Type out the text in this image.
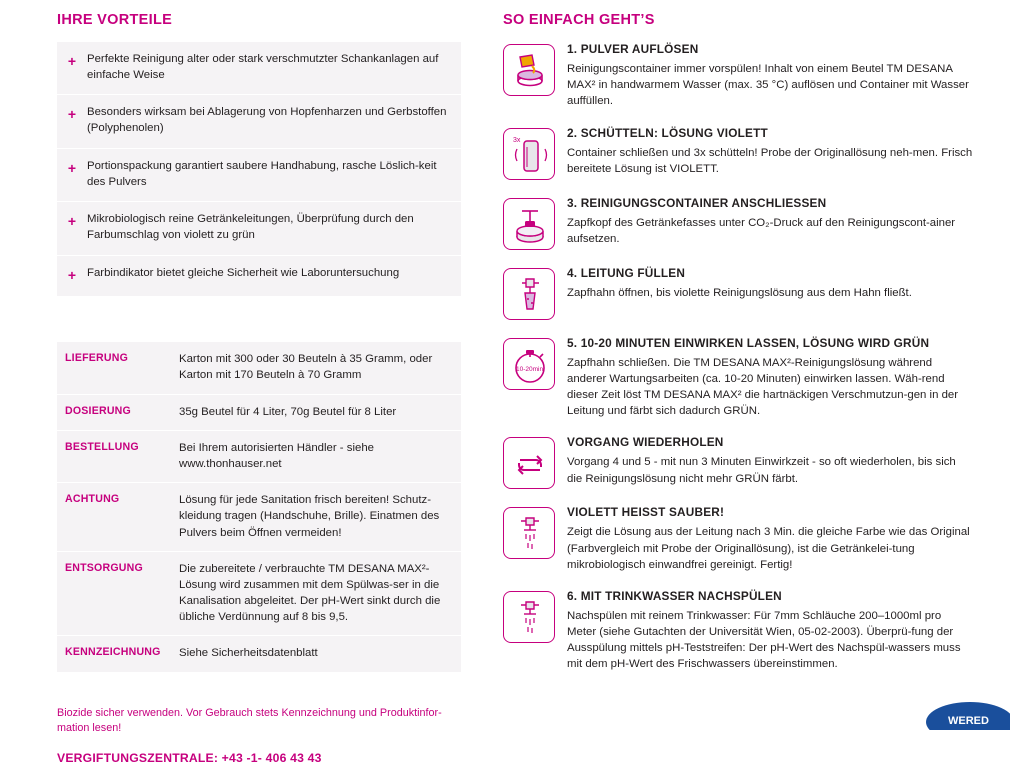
IHRE VORTEILE
+	Perfekte Reinigung alter oder stark verschmutzter Schankanlagen auf einfache Weise
+	Besonders wirksam bei Ablagerung von Hopfenharzen und Gerbstoffen (Polyphenolen)
+	Portionspackung garantiert saubere Handhabung, rasche Löslich-keit des Pulvers
+	Mikrobiologisch reine Getränkeleitungen, Überprüfung durch den Farbumschlag von violett zu grün
+	Farbindikator bietet gleiche Sicherheit wie Laboruntersuchung
LIEFERUNG	Karton mit 300 oder 30 Beuteln à 35 Gramm, oder Karton mit 170 Beuteln à 70 Gramm
DOSIERUNG	35g Beutel für 4 Liter, 70g Beutel für 8 Liter
BESTELLUNG	Bei Ihrem autorisierten Händler - siehe www.thonhauser.net
ACHTUNG	Lösung für jede Sanitation frisch bereiten! Schutz-kleidung tragen (Handschuhe, Brille). Einatmen des Pulvers beim Öffnen vermeiden!
ENTSORGUNG	Die zubereitete / verbrauchte TM DESANA MAX²-Lösung wird zusammen mit dem Spülwas-ser in die Kanalisation abgeleitet. Der pH-Wert sinkt durch die übliche Verdünnung auf 8 bis 9,5.
KENNZEICHNUNG	Siehe Sicherheitsdatenblatt
Biozide sicher verwenden. Vor Gebrauch stets Kennzeichnung und Produktinfor-mation lesen!
VERGIFTUNGSZENTRALE: +43 -1- 406 43 43
SO EINFACH GEHT’S
1. PULVER AUFLÖSEN

Reinigungscontainer immer vorspülen! Inhalt von einem Beutel TM DESANA MAX² in handwarmem Wasser (max. 35 °C) auflösen und Container mit Wasser auffüllen.

3x
2. SCHÜTTELN: LÖSUNG VIOLETT

Container schließen und 3x schütteln! Probe der Originallösung neh-men. Frisch bereitete Lösung ist VIOLETT.

3. REINIGUNGSCONTAINER ANSCHLIESSEN

Zapfkopf des Getränkefasses unter CO₂-Druck auf den Reinigungscont-ainer aufsetzen.

4. LEITUNG FÜLLEN

Zapfhahn öffnen, bis violette Reinigungslösung aus dem Hahn fließt.

10-20min.
5. 10-20 MINUTEN EINWIRKEN LASSEN, LÖSUNG WIRD GRÜN

Zapfhahn schließen. Die TM DESANA MAX²-Reinigungslösung während anderer Wartungsarbeiten (ca. 10-20 Minuten) einwirken lassen. Wäh-rend dieser Zeit löst TM DESANA MAX² die hartnäckigen Verschmutzun-gen in der Leitung und färbt sich dadurch GRÜN.

VORGANG WIEDERHOLEN

Vorgang 4 und 5 - mit nun 3 Minuten Einwirkzeit - so oft wiederholen, bis sich die Reinigungslösung nicht mehr GRÜN färbt.

VIOLETT HEISST SAUBER!

Zeigt die Lösung aus der Leitung nach 3 Min. die gleiche Farbe wie das Original (Farbvergleich mit Probe der Originallösung), ist die Getränkelei-tung mikrobiologisch einwandfrei gereinigt. Fertig!

6. MIT TRINKWASSER NACHSPÜLEN

Nachspülen mit reinem Trinkwasser: Für 7mm Schläuche 200–1000ml pro Meter (siehe Gutachten der Universität Wien, 05-02-2003). Überprü-fung der Ausspülung mittels pH-Teststreifen: Der pH-Wert des Nachspül-wassers muss mit dem pH-Wert des Frischwassers übereinstimmen.

WERED
